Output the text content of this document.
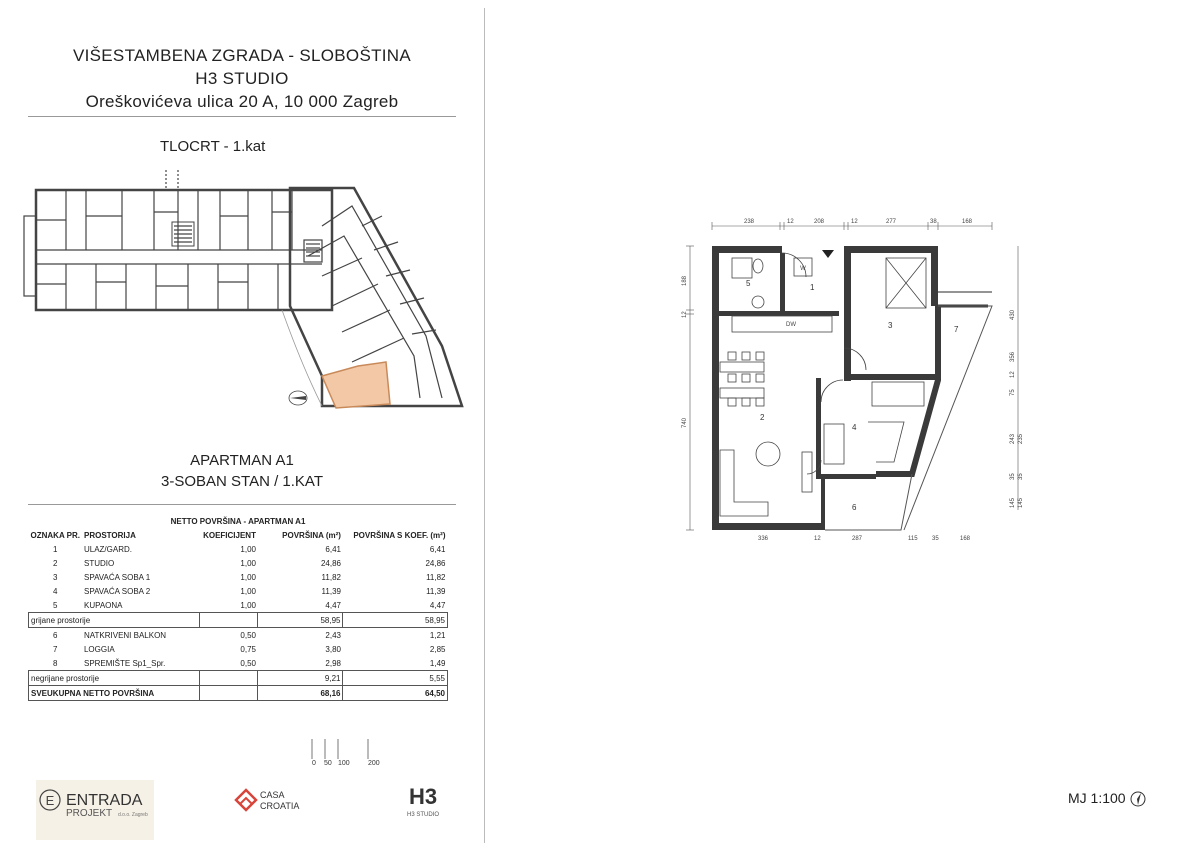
VIŠESTAMBENA ZGRADA - SLOBOŠTINA
H3 STUDIO
Oreškovićeva ulica 20 A, 10 000 Zagreb
TLOCRT - 1.kat
APARTMAN A1
3-SOBAN STAN / 1.KAT
NETTO POVRŠINA - APARTMAN A1				
OZNAKA PR.	PROSTORIJA	KOEFICIJENT	POVRŠINA (m²)	POVRŠINA S KOEF. (m²)
1	ULAZ/GARD.	1,00	6,41	6,41
2	STUDIO	1,00	24,86	24,86
3	SPAVAĆA SOBA 1	1,00	11,82	11,82
4	SPAVAĆA SOBA 2	1,00	11,39	11,39
5	KUPAONA	1,00	4,47	4,47
grijane prostorije			58,95	58,95
6	NATKRIVENI BALKON	0,50	2,43	1,21
7	LOGGIA	0,75	3,80	2,85
8	SPREMIŠTE Sp1_Spr.	0,50	2,98	1,49
negrijane prostorije			9,21	5,55
SVEUKUPNA NETTO POVRŠINA			68,16	64,50
0 50 100	200
E ENTRADA
PROJEKT d.o.o. Zagreb
CASA
CROATIA	H3
H3 STUDIO
W
DW
1
2
3
4
5
6
7
238	12	208	12	277	38	168
336	12	287	115 35	168
188
12
740
430
356
12
75
243 235
35 35
145 145
MJ 1:100
